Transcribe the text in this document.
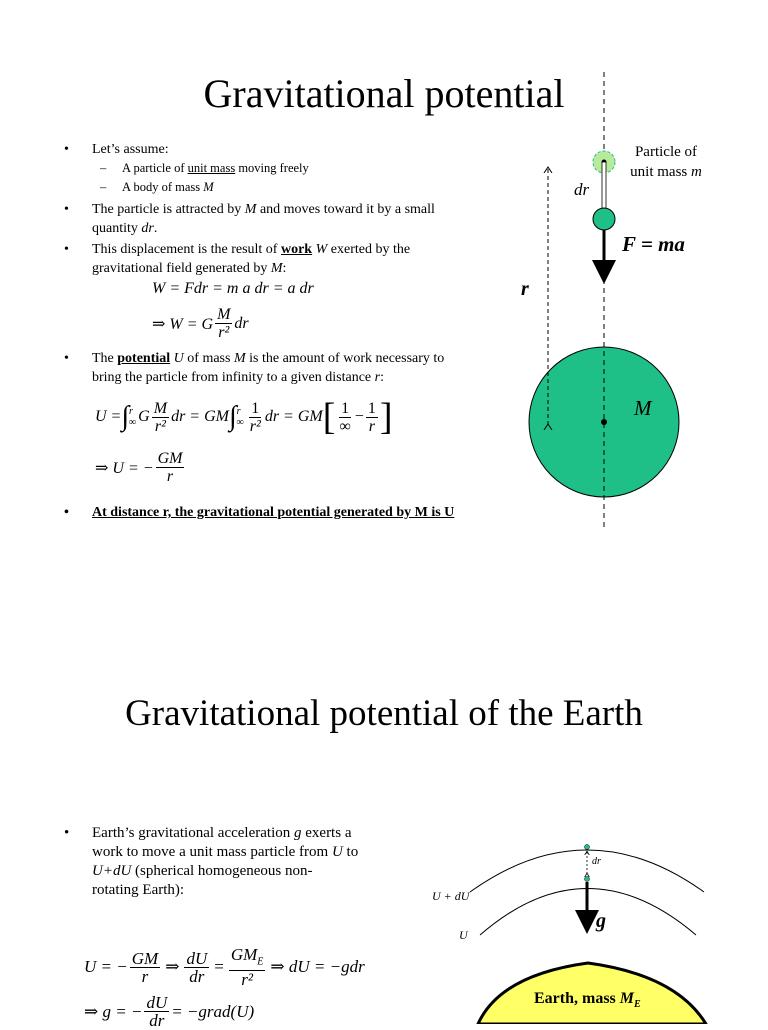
Gravitational potential
• Let’s assume:
– A particle of unit mass moving freely
– A body of mass M
• The particle is attracted by M and moves toward it by a small
quantity dr.
• This displacement is the result of work W exerted by the
gravitational field generated by M:
W = Fdr = m a dr = a dr
⇒ W = G $\frac{M}{\text{r²}}$ dr
• The potential U of mass M is the amount of work necessary to
bring the particle from infinity to a given distance r:
U = ∫ r
∞ G $\frac{M}{\text{r²}}$ dr = GM ∫ r
∞ $\frac{1}{\text{r²}}$ dr = GM [ $\frac{1}{\infty} - \frac{1}{r}$ ]
⇒ U = − $\frac{GM}{r}$
• At distance r, the gravitational potential generated by M is U
Particle of
unit mass m
dr
F = ma
r
M
Gravitational potential of the Earth
• Earth’s gravitational acceleration g exerts a
work to move a unit mass particle from U to
U+dU (spherical homogeneous non-
rotating Earth):
U = − $\frac{GM}{r}$ ⇒ $\frac{dU}{dr} = \frac{GM_E}{\text{r²}}$ ⇒ dU = −gdr
⇒ g = − $\frac{dU}{dr}$ = −grad(U)
dr
U + dU
U
g
Earth, mass $M_E$
